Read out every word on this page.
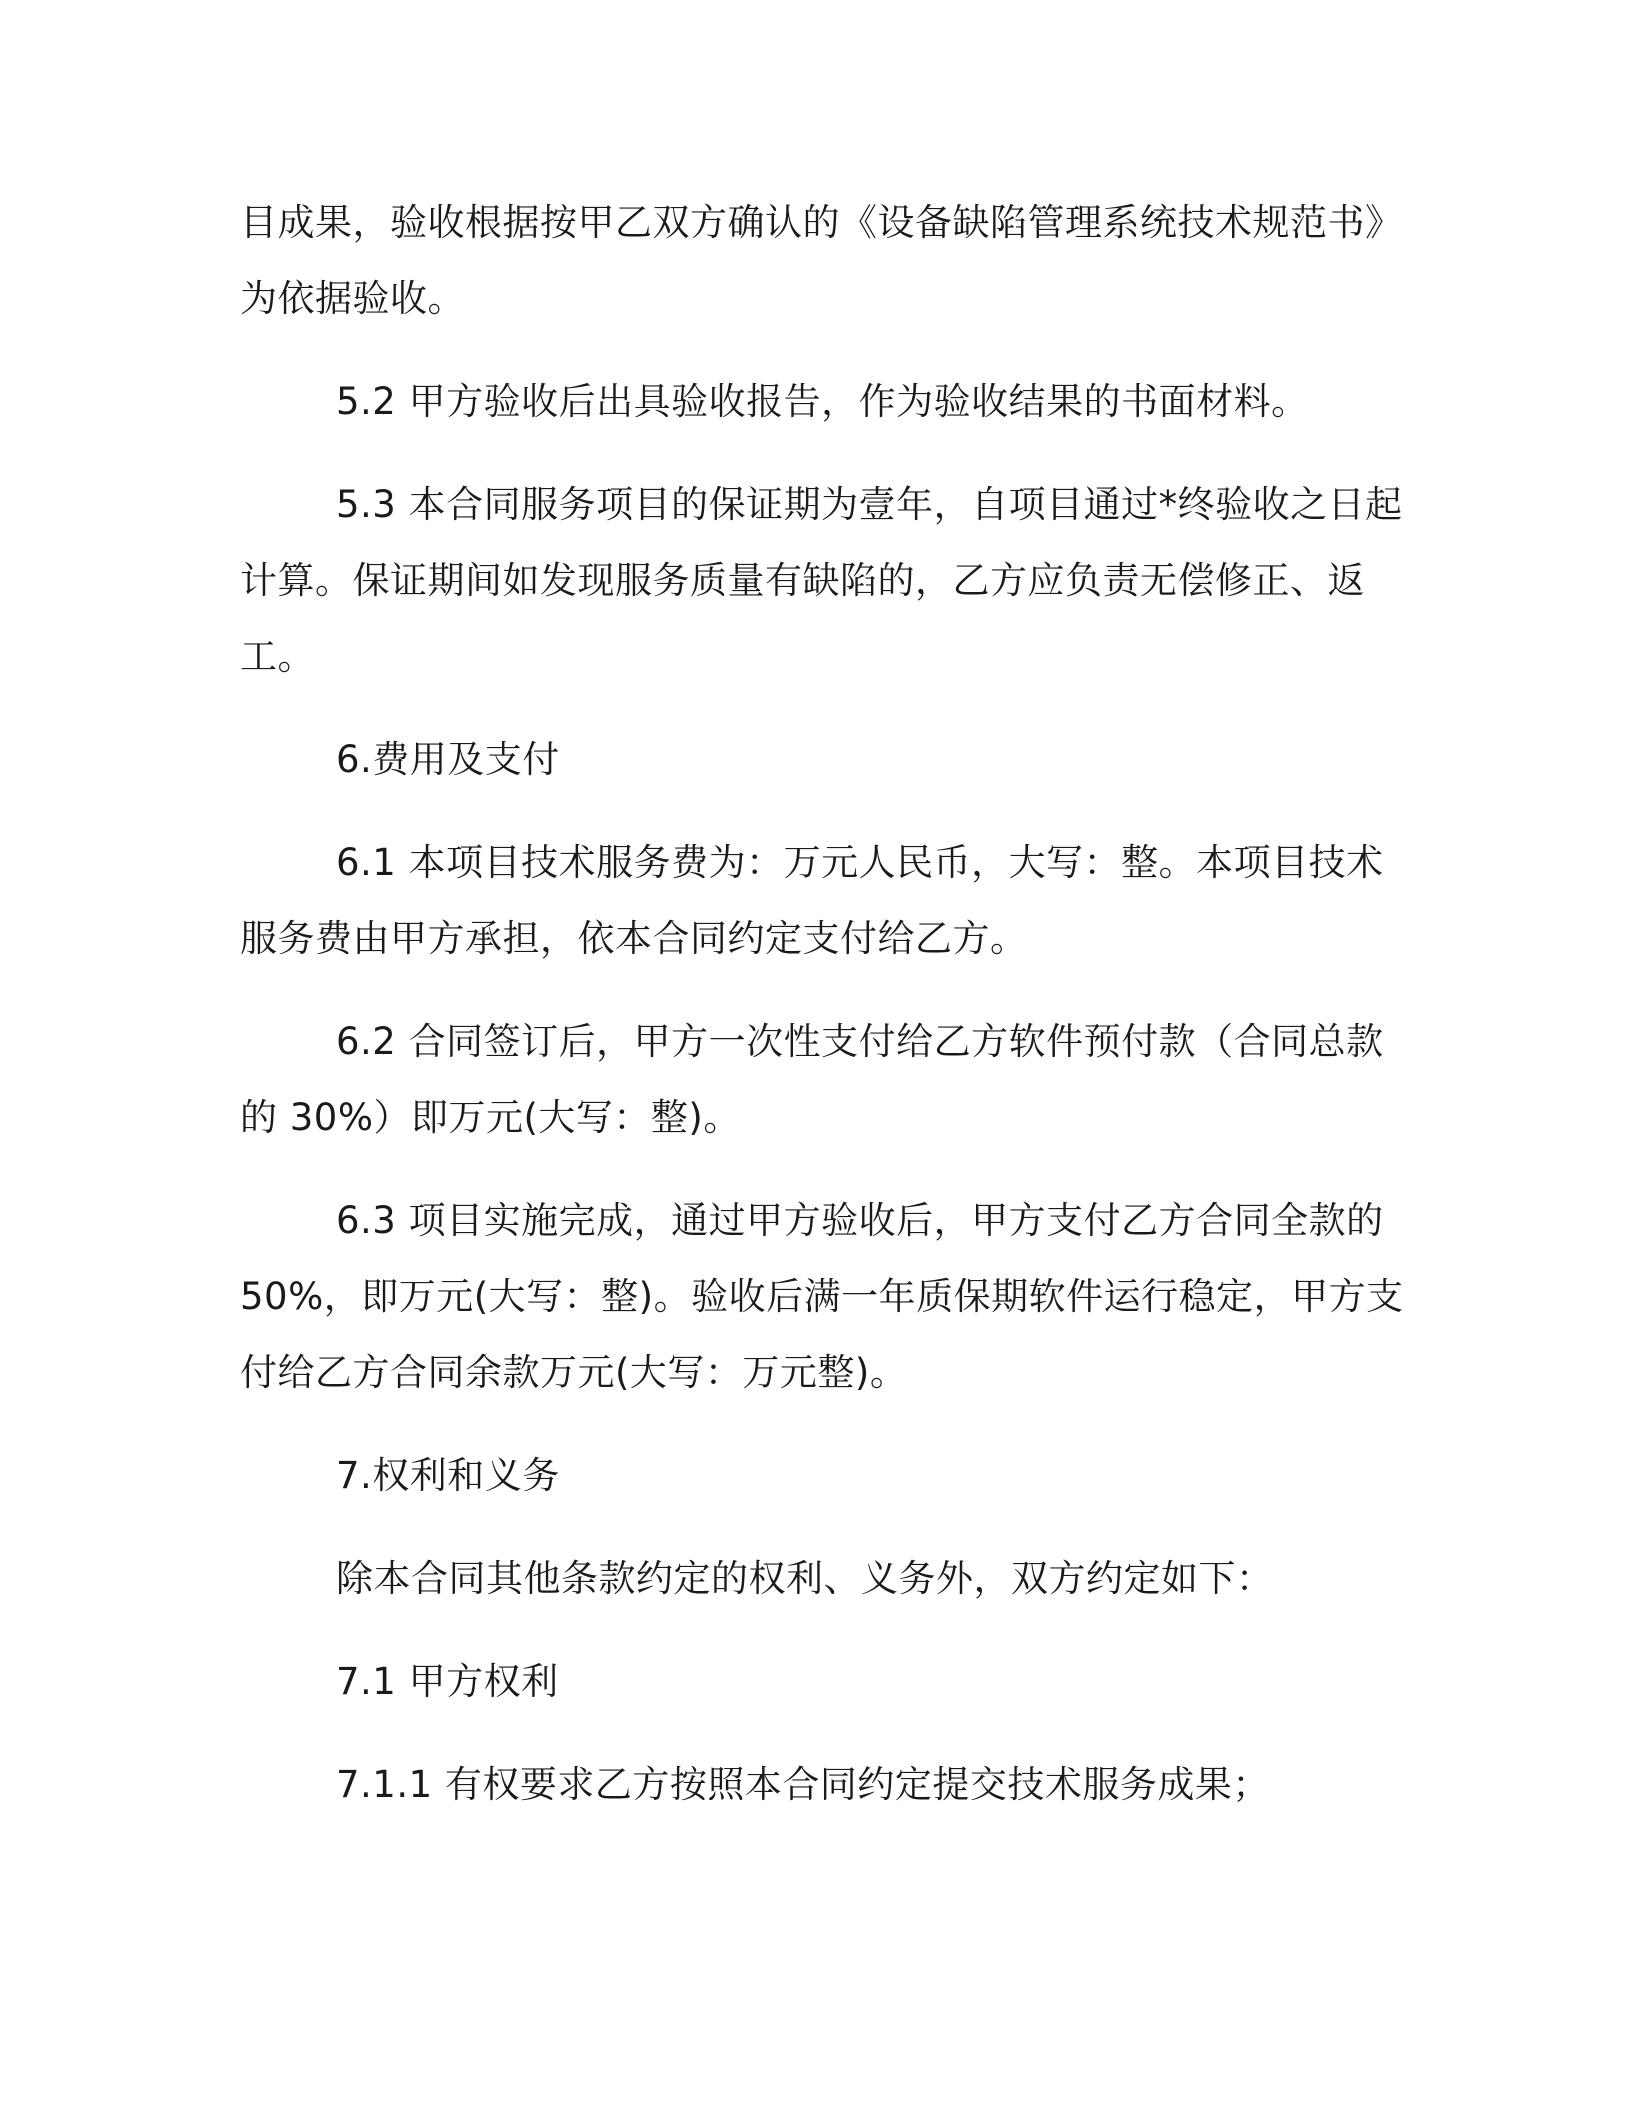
目成果，验收根据按甲乙双方确认的《设备缺陷管理系统技术规范书》
为依据验收。

5.2 甲方验收后出具验收报告，作为验收结果的书面材料。

5.3 本合同服务项目的保证期为壹年，自项目通过*终验收之日起
计算。保证期间如发现服务质量有缺陷的，乙方应负责无偿修正、返
工。

6.费用及支付

6.1 本项目技术服务费为：万元人民币，大写：整。本项目技术
服务费由甲方承担，依本合同约定支付给乙方。

6.2 合同签订后，甲方一次性支付给乙方软件预付款（合同总款
的 30%）即万元(大写：整)。

6.3 项目实施完成，通过甲方验收后，甲方支付乙方合同全款的
50%，即万元(大写：整)。验收后满一年质保期软件运行稳定，甲方支
付给乙方合同余款万元(大写：万元整)。

7.权利和义务

除本合同其他条款约定的权利、义务外，双方约定如下：

7.1 甲方权利

7.1.1 有权要求乙方按照本合同约定提交技术服务成果；
